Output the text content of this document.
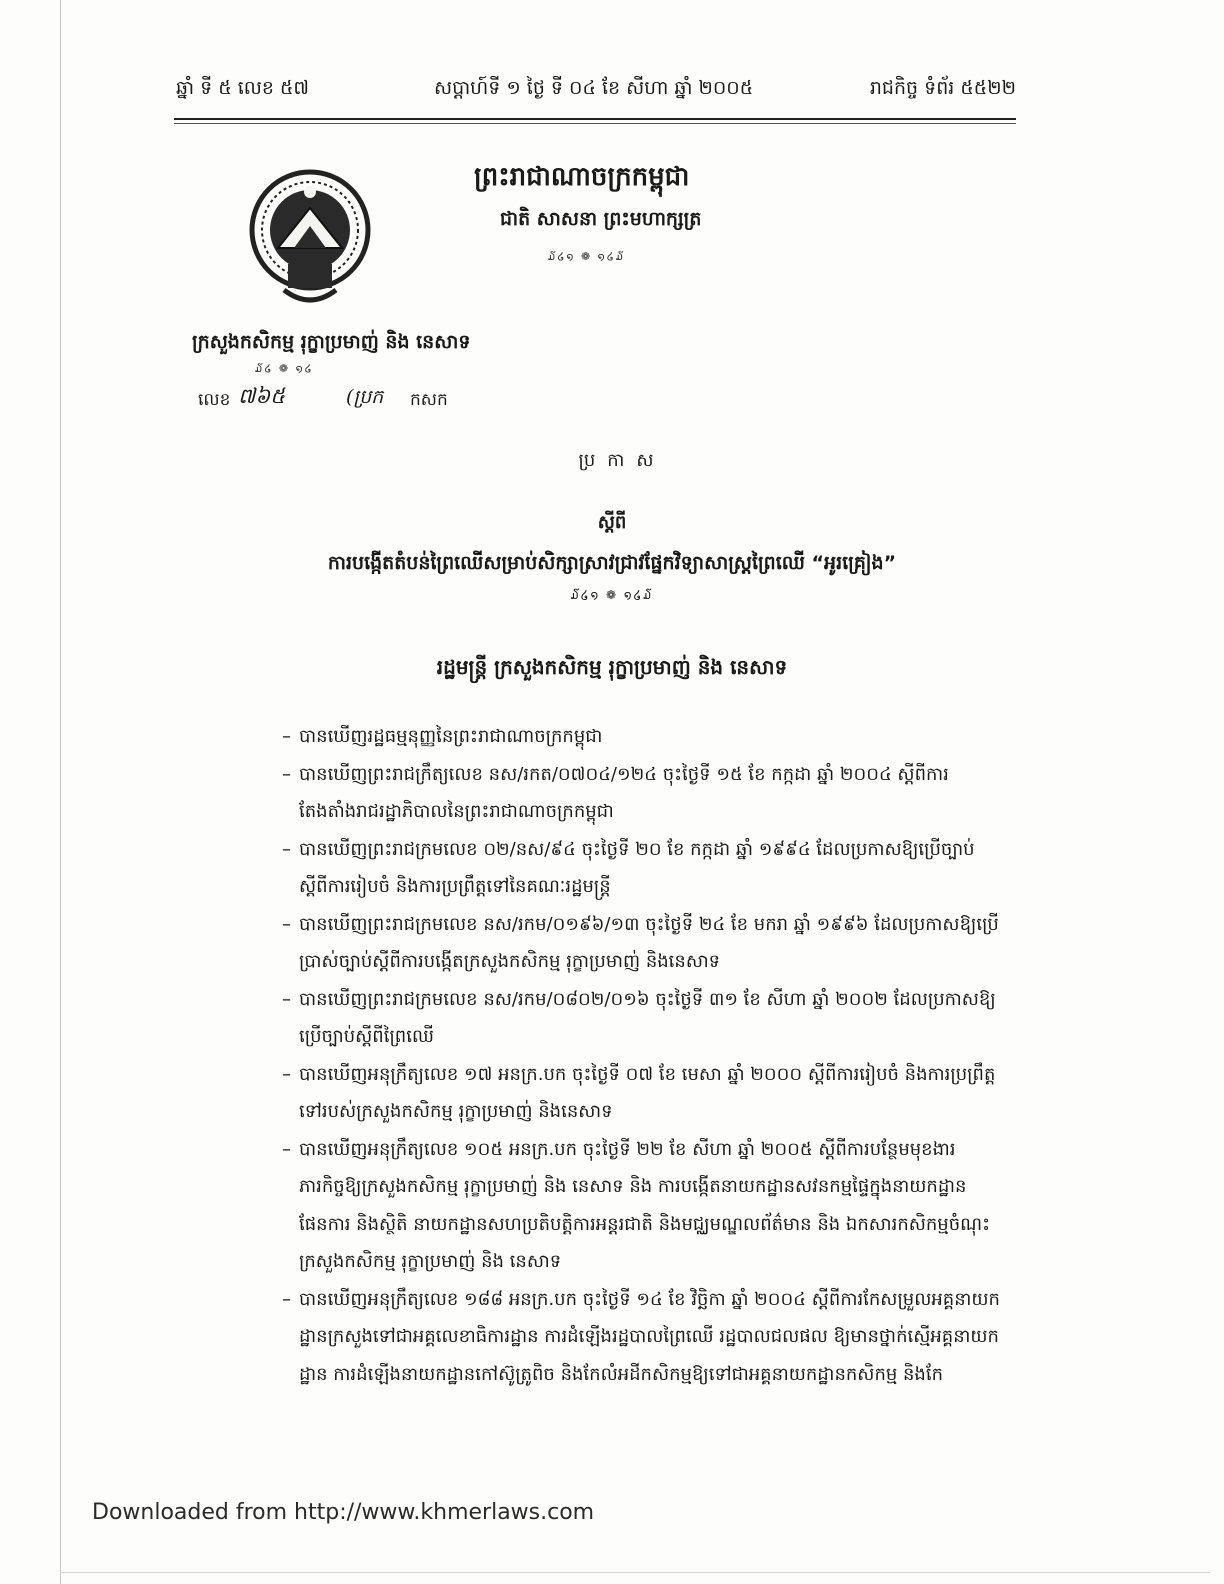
ឆ្នាំ ទី ៥ លេខ ៥៧	សប្តាហ៍ទី ១ ថ្ងៃ ទី ០៤ ខែ សីហា ឆ្នាំ ២០០៥	រាជកិច្ច ទំព័រ ៥៥២២
ក្រសួងកសិកម្ម រុក្ខាប្រមាញ់ និង នេសាទ
໓໒ ❁ ໑໒
លេខ ៧៦៥	(ប្រក កសក
ព្រះរាជាណាចក្រកម្ពុជា
ជាតិ សាសនា ព្រះមហាក្សត្រ
໓໒໑ ❁ ໑໒໓
ប្រកាស
ស្តីពី
ការបង្កើតតំបន់ព្រៃឈើសម្រាប់សិក្សាស្រាវជ្រាវផ្នែកវិទ្យាសាស្ត្រព្រៃឈើ “អូរគ្រៀង”
໓໒໑ ❁ ໑໒໓
រដ្ឋមន្ត្រី ក្រសួងកសិកម្ម រុក្ខាប្រមាញ់ និង នេសាទ
– បានឃើញរដ្ឋធម្មនុញ្ញនៃព្រះរាជាណាចក្រកម្ពុជា
– បានឃើញព្រះរាជក្រឹត្យលេខ នស/រកត/០៧០៤/១២៤ ចុះថ្ងៃទី ១៥ ខែ កក្កដា ឆ្នាំ ២០០៤ ស្តីពីការតែងតាំងរាជរដ្ឋាភិបាលនៃព្រះរាជាណាចក្រកម្ពុជា
– បានឃើញព្រះរាជក្រមលេខ ០២/នស/៩៤ ចុះថ្ងៃទី ២០ ខែ កក្កដា ឆ្នាំ ១៩៩៤ ដែលប្រកាសឱ្យប្រើច្បាប់ស្តីពីការរៀបចំ និងការប្រព្រឹត្តទៅនៃគណៈរដ្ឋមន្ត្រី
– បានឃើញព្រះរាជក្រមលេខ នស/រកម/០១៩៦/១៣ ចុះថ្ងៃទី ២៤ ខែ មករា ឆ្នាំ ១៩៩៦ ដែលប្រកាសឱ្យប្រើប្រាស់ច្បាប់ស្តីពីការបង្កើតក្រសួងកសិកម្ម រុក្ខាប្រមាញ់ និងនេសាទ
– បានឃើញព្រះរាជក្រមលេខ នស/រកម/០៨០២/០១៦ ចុះថ្ងៃទី ៣១ ខែ សីហា ឆ្នាំ ២០០២ ដែលប្រកាសឱ្យប្រើច្បាប់ស្តីពីព្រៃឈើ
– បានឃើញអនុក្រឹត្យលេខ ១៧ អនក្រ.បក ចុះថ្ងៃទី ០៧ ខែ មេសា ឆ្នាំ ២០០០ ស្តីពីការរៀបចំ និងការប្រព្រឹត្តទៅរបស់ក្រសួងកសិកម្ម រុក្ខាប្រមាញ់ និងនេសាទ
– បានឃើញអនុក្រឹត្យលេខ ១០៥ អនក្រ.បក ចុះថ្ងៃទី ២២ ខែ សីហា ឆ្នាំ ២០០៥ ស្តីពីការបន្ថែមមុខងារភារកិច្ចឱ្យក្រសួងកសិកម្ម រុក្ខាប្រមាញ់ និង នេសាទ និង ការបង្កើតនាយកដ្ឋានសវនកម្មផ្ទៃក្នុងនាយកដ្ឋានផែនការ និងស្ថិតិ នាយកដ្ឋានសហប្រតិបត្តិការអន្តរជាតិ និងមជ្ឈមណ្ឌលព័ត៌មាន និង ឯកសារកសិកម្មចំណុះក្រសួងកសិកម្ម រុក្ខាប្រមាញ់ និង នេសាទ
– បានឃើញអនុក្រឹត្យលេខ ១៨៨ អនក្រ.បក ចុះថ្ងៃទី ១៤ ខែ វិច្ឆិកា ឆ្នាំ ២០០៤ ស្តីពីការកែសម្រួលអគ្គនាយកដ្ឋានក្រសួងទៅជាអគ្គលេខាធិការដ្ឋាន ការដំឡើងរដ្ឋបាលព្រៃឈើ រដ្ឋបាលជលផល ឱ្យមានថ្នាក់ស្មើអគ្គនាយកដ្ឋាន ការដំឡើងនាយកដ្ឋានកៅស៊ូត្រូពិច និងកែលំអដីកសិកម្មឱ្យទៅជាអគ្គនាយកដ្ឋានកសិកម្ម និងកែ
Downloaded from http://www.khmerlaws.com
